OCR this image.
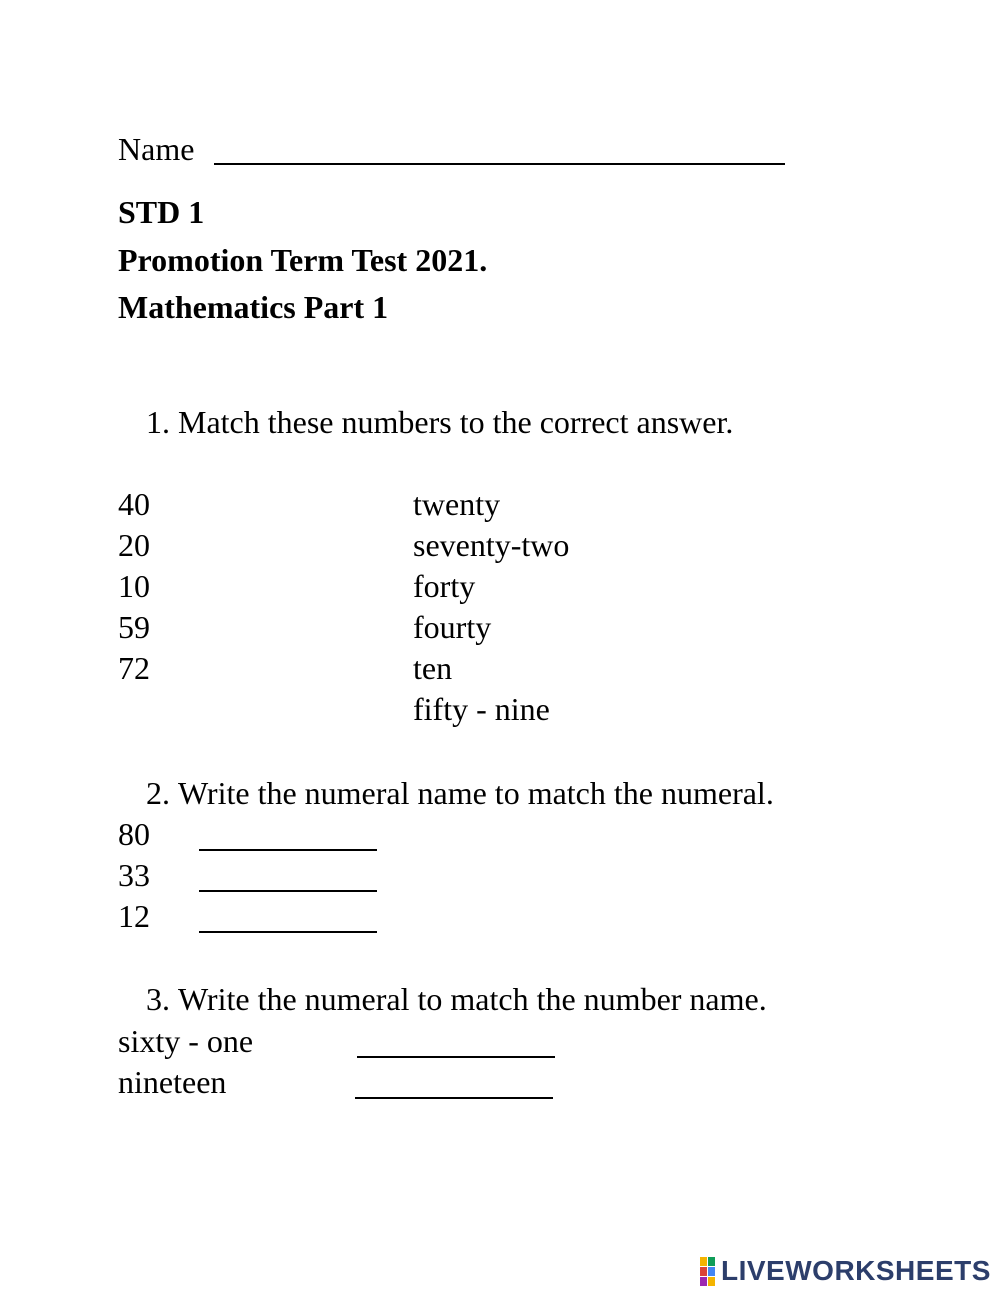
Name
STD 1
Promotion Term Test 2021.
Mathematics Part 1
1. Match these numbers to the correct answer.
40
20
10
59
72
twenty
seventy-two
forty
fourty
ten
fifty - nine
2. Write the numeral name to match the numeral.
80
33
12
3. Write the numeral to match the number name.
sixty - one
nineteen
LIVEWORKSHEETS
